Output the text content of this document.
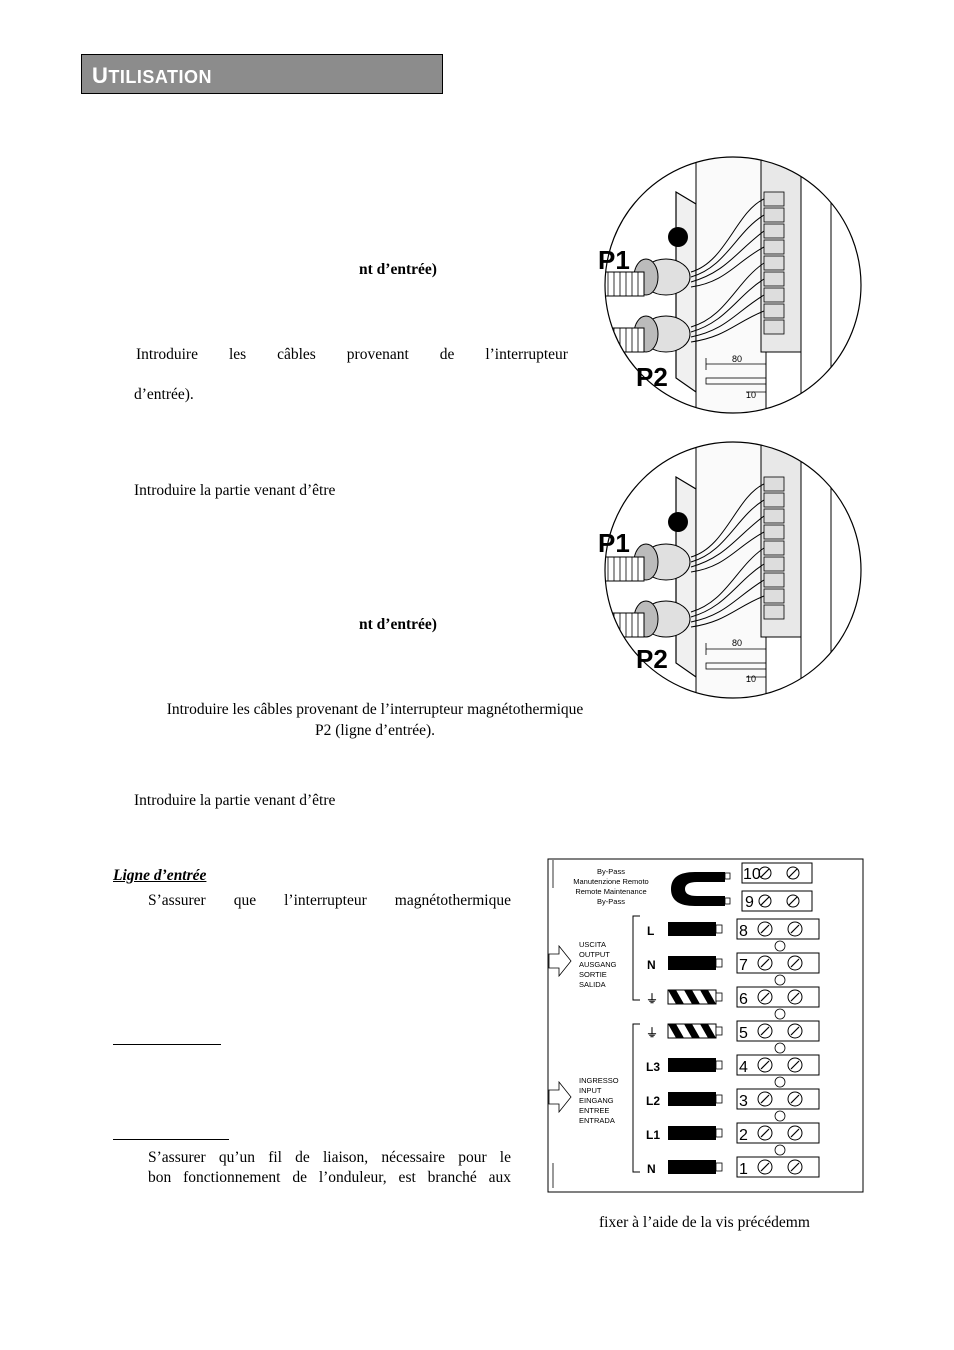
UTILISATION
nt d’entrée)
Introduire les câbles provenant de l’interrupteur
d’entrée).
Introduire la partie venant d’être
nt d’entrée)
Introduire les câbles provenant de l’interrupteur magnétothermique
P2 (ligne d’entrée).
Introduire la partie venant d’être
Ligne d’entrée
S’assurer que l’interrupteur magnétothermique
S’assurer qu’un fil de liaison, nécessaire pour le
bon fonctionnement de l’onduleur, est branché aux
fixer à l’aide de la vis précédemm
P1
P2
80
10
P1
P2
80
10
By-Pass
Manutenzione Remoto
Remote Maintenance
By-Pass
USCITA
OUTPUT
AUSGANG
SORTIE
SALIDA
INGRESSO
INPUT
EINGANG
ENTREE
ENTRADA
L
N
⏚
⏚
L3
L2
L1
N
10
9
8
7
6
5
4
3
2
1
